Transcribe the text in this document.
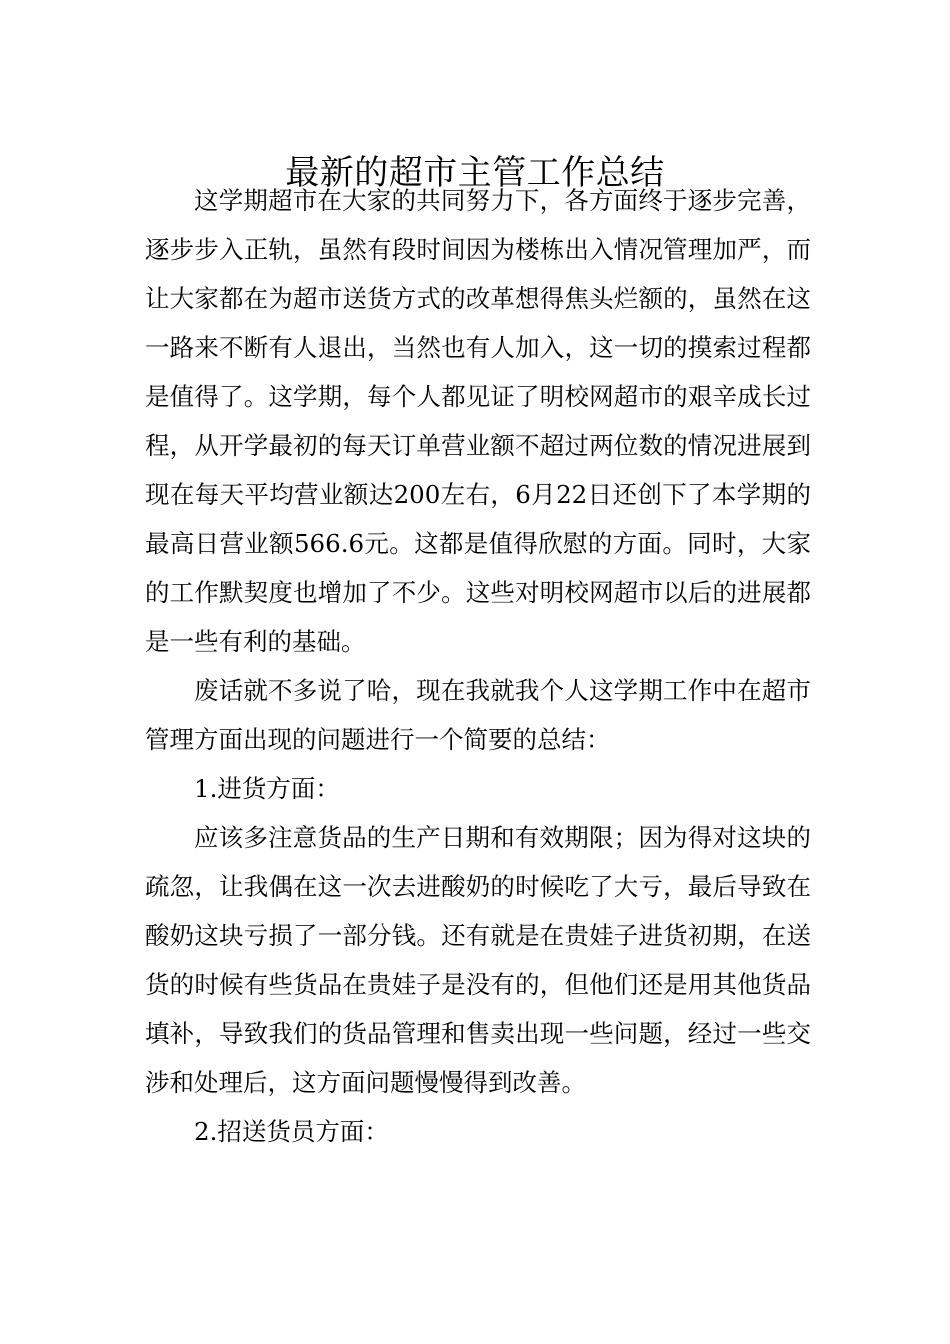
最新的超市主管工作总结

这学期超市在大家的共同努力下，各方面终于逐步完善，逐步步入正轨，虽然有段时间因为楼栋出入情况管理加严，而让大家都在为超市送货方式的改革想得焦头烂额的，虽然在这一路来不断有人退出，当然也有人加入，这一切的摸索过程都是值得了。这学期，每个人都见证了明校网超市的艰辛成长过程，从开学最初的每天订单营业额不超过两位数的情况进展到现在每天平均营业额达200左右，6月22日还创下了本学期的最高日营业额566.6元。这都是值得欣慰的方面。同时，大家的工作默契度也增加了不少。这些对明校网超市以后的进展都是一些有利的基础。

废话就不多说了哈，现在我就我个人这学期工作中在超市管理方面出现的问题进行一个简要的总结：

1.进货方面：

应该多注意货品的生产日期和有效期限；因为得对这块的疏忽，让我偶在这一次去进酸奶的时候吃了大亏，最后导致在酸奶这块亏损了一部分钱。还有就是在贵娃子进货初期，在送货的时候有些货品在贵娃子是没有的，但他们还是用其他货品填补，导致我们的货品管理和售卖出现一些问题，经过一些交涉和处理后，这方面问题慢慢得到改善。

2.招送货员方面：
